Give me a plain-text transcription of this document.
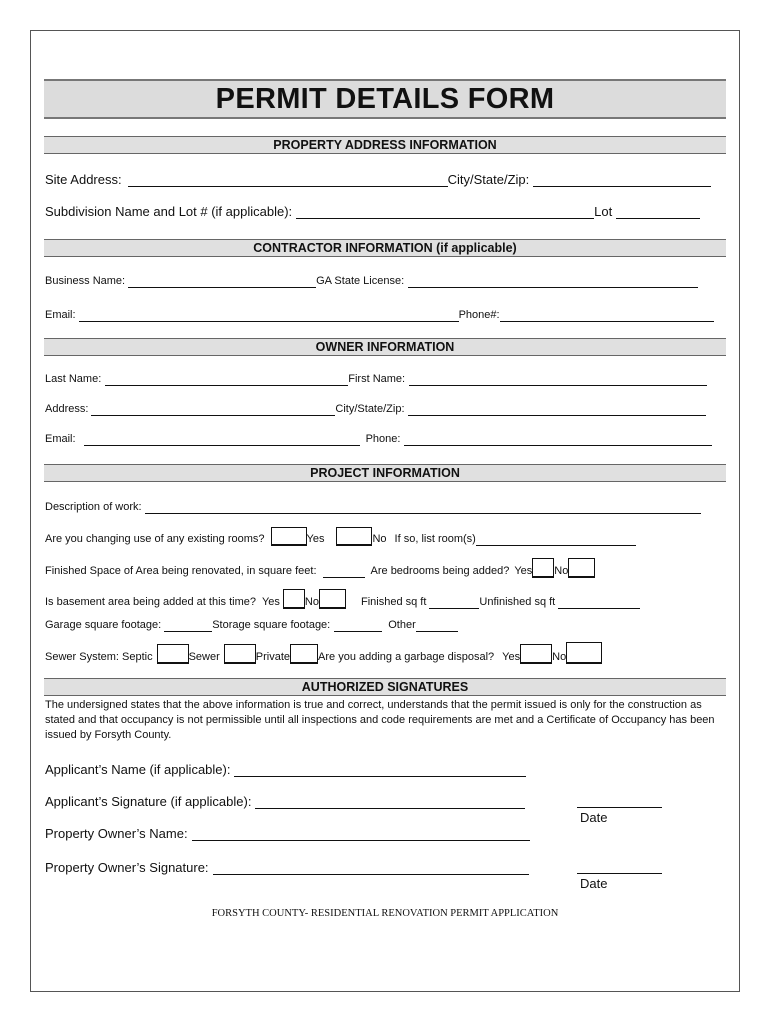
PERMIT DETAILS FORM
PROPERTY ADDRESS INFORMATION
Site Address:	City/State/Zip:
Subdivision Name and Lot # (if applicable):	Lot
CONTRACTOR INFORMATION (if applicable)
Business Name:	GA State License:
Email:	Phone#:
OWNER INFORMATION
Last Name:	First Name:
Address:	City/State/Zip:
Email:	Phone:
PROJECT INFORMATION
Description of work:
Are you changing use of any existing rooms?	Yes	No If so, list room(s)
Finished Space of Area being renovated, in square feet:	Are bedrooms being added? Yes No
Is basement area being added at this time? Yes No	Finished sq ft	Unfinished sq ft
Garage square footage:	Storage square footage:	Other
Sewer System: Septic	Sewer	Private	Are you adding a garbage disposal? Yes	No
AUTHORIZED SIGNATURES
The undersigned states that the above information is true and correct, understands that the permit issued is only for the construction as stated and that occupancy is not permissible until all inspections and code requirements are met and a Certificate of Occupancy has been issued by Forsyth County.
Applicant’s Name (if applicable):
Applicant’s Signature (if applicable):
Date
Property Owner’s Name:
Property Owner’s Signature:
Date
FORSYTH COUNTY- RESIDENTIAL RENOVATION PERMIT APPLICATION
